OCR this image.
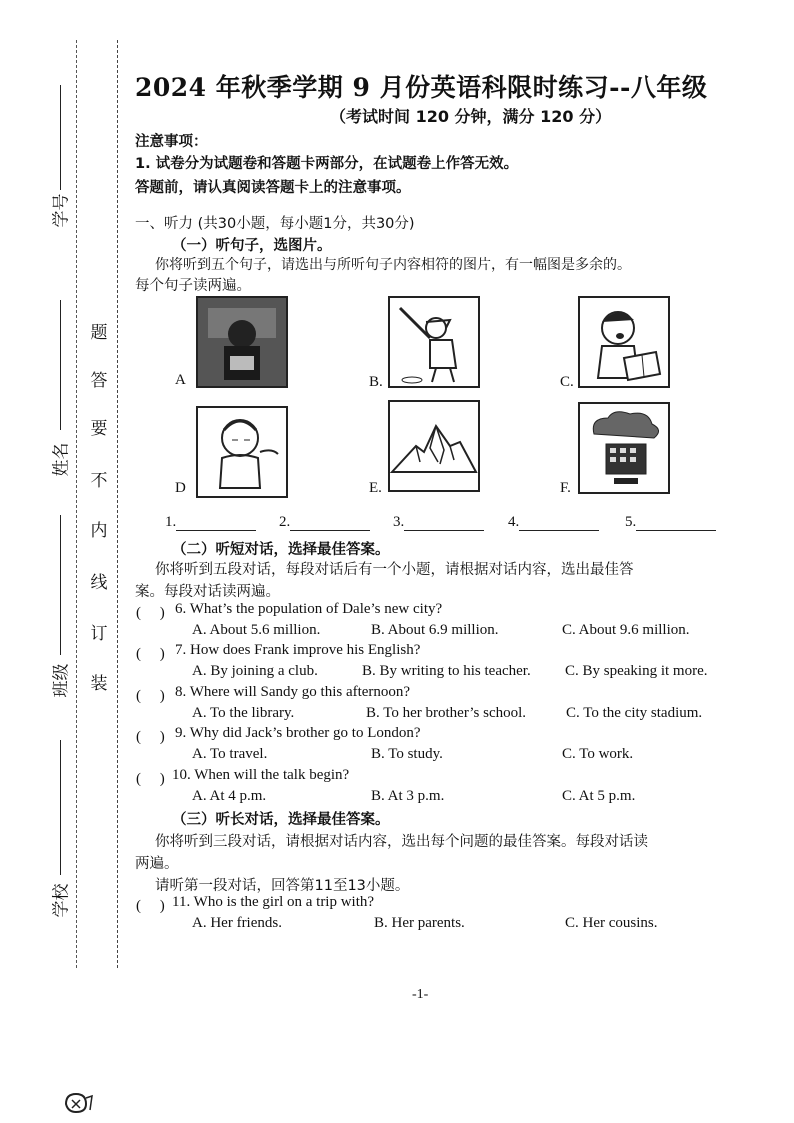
学号
姓名
班级
学校
题
答
要
不
内
线
订
装
2024 年秋季学期 9 月份英语科限时练习--八年级
（考试时间 120 分钟，满分 120 分）
注意事项：
1. 试卷分为试题卷和答题卡两部分，在试题卷上作答无效。
答题前，请认真阅读答题卡上的注意事项。
一、听力 (共30小题，每小题1分，共30分)
（一）听句子，选图片。
你将听到五个句子，请选出与所听句子内容相符的图片，有一幅图是多余的。
每个句子读两遍。
A	B.	C.
D	E.	F.
1.	2.	3.	4.	5.
（二）听短对话，选择最佳答案。
你将听到五段对话，每段对话后有一个小题，请根据对话内容，选出最佳答
案。每段对话读两遍。
(　 ) 6. What’s the population of Dale’s new city?
A. About 5.6 million.	B. About 6.9 million.	C. About 9.6 million.
(　 ) 7. How does Frank improve his English?
A. By joining a club.	B. By writing to his teacher. C. By speaking it more.
(　 ) 8. Where will Sandy go this afternoon?
A. To the library.	B. To her brother’s school.	C. To the city stadium.
(　 ) 9. Why did Jack’s brother go to London?
A. To travel.	B. To study.	C. To work.
(　 ) 10. When will the talk begin?
A. At 4 p.m.	B. At 3 p.m.	C. At 5 p.m.
（三）听长对话，选择最佳答案。
你将听到三段对话，请根据对话内容，选出每个问题的最佳答案。每段对话读
两遍。
请听第一段对话，回答第11至13小题。
(　 ) 11. Who is the girl on a trip with?
A. Her friends.	B. Her parents.	C. Her cousins.
-1-
